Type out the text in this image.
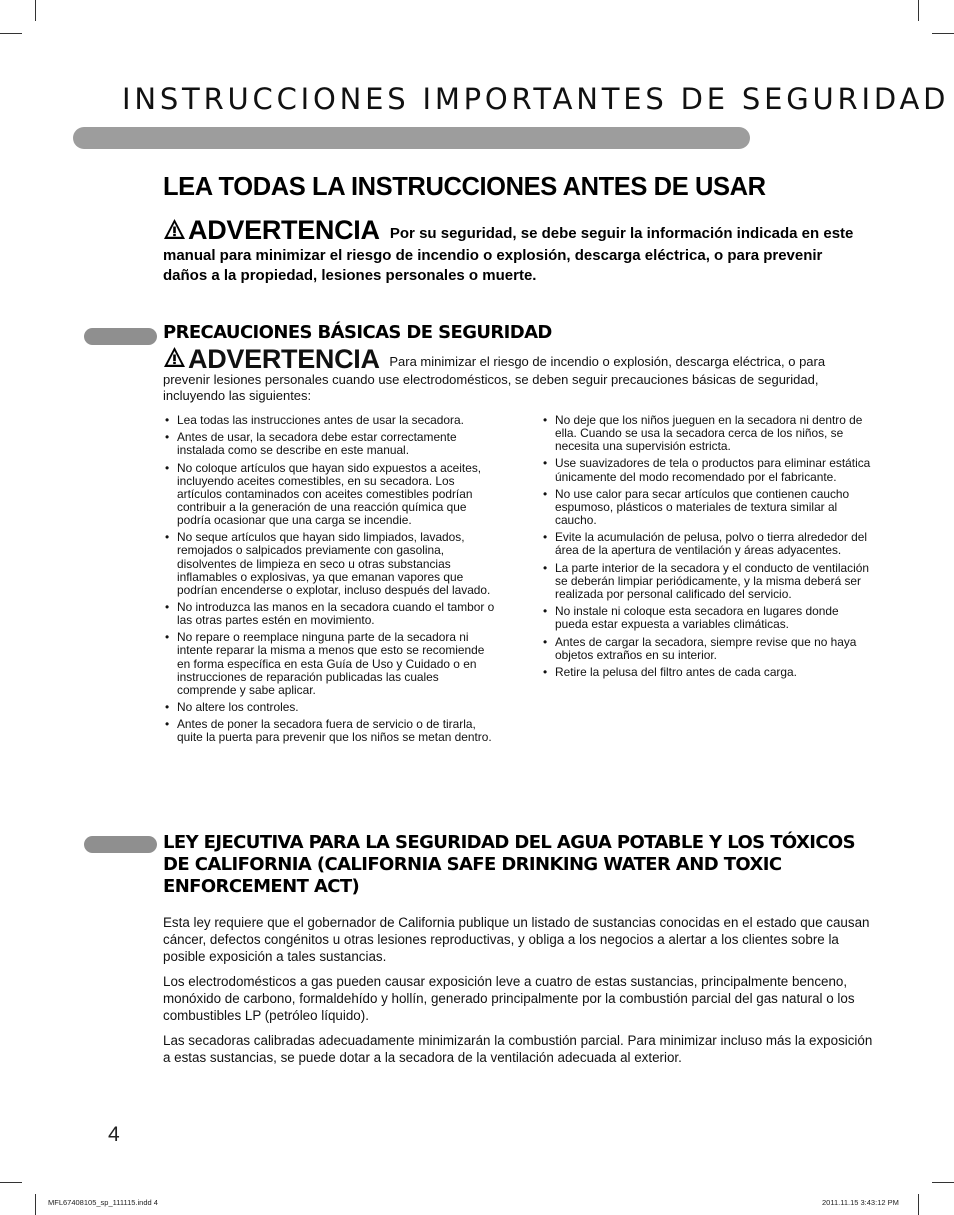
INSTRUCCIONES IMPORTANTES DE SEGURIDAD
LEA TODAS LA INSTRUCCIONES ANTES DE USAR
ADVERTENCIA Por su seguridad, se debe seguir la información indicada en este manual para minimizar el riesgo de incendio o explosión, descarga eléctrica, o para prevenir daños a la propiedad, lesiones personales o muerte.
PRECAUCIONES BÁSICAS DE SEGURIDAD
ADVERTENCIA Para minimizar el riesgo de incendio o explosión, descarga eléctrica, o para prevenir lesiones personales cuando use electrodomésticos, se deben seguir precauciones básicas de seguridad, incluyendo las siguientes:
• Lea todas las instrucciones antes de usar la secadora.
• Antes de usar, la secadora debe estar correctamente instalada como se describe en este manual.
• No coloque artículos que hayan sido expuestos a aceites, incluyendo aceites comestibles, en su secadora. Los artículos contaminados con aceites comestibles podrían contribuir a la generación de una reacción química que podría ocasionar que una carga se incendie.
• No seque artículos que hayan sido limpiados, lavados, remojados o salpicados previamente con gasolina, disolventes de limpieza en seco u otras substancias inflamables o explosivas, ya que emanan vapores que podrían encenderse o explotar, incluso después del lavado.
• No introduzca las manos en la secadora cuando el tambor o las otras partes estén en movimiento.
• No repare o reemplace ninguna parte de la secadora ni intente reparar la misma a menos que esto se recomiende en forma específica en esta Guía de Uso y Cuidado o en instrucciones de reparación publicadas las cuales comprende y sabe aplicar.
• No altere los controles.
• Antes de poner la secadora fuera de servicio o de tirarla, quite la puerta para prevenir que los niños se metan dentro.
• No deje que los niños jueguen en la secadora ni dentro de ella. Cuando se usa la secadora cerca de los niños, se necesita una supervisión estricta.
• Use suavizadores de tela o productos para eliminar estática únicamente del modo recomendado por el fabricante.
• No use calor para secar artículos que contienen caucho espumoso, plásticos o materiales de textura similar al caucho.
• Evite la acumulación de pelusa, polvo o tierra alrededor del área de la apertura de ventilación y áreas adyacentes.
• La parte interior de la secadora y el conducto de ventilación se deberán limpiar periódicamente, y la misma deberá ser realizada por personal calificado del servicio.
• No instale ni coloque esta secadora en lugares donde pueda estar expuesta a variables climáticas.
• Antes de cargar la secadora, siempre revise que no haya objetos extraños en su interior.
• Retire la pelusa del filtro antes de cada carga.
LEY EJECUTIVA PARA LA SEGURIDAD DEL AGUA POTABLE Y LOS TÓXICOS DE CALIFORNIA (CALIFORNIA SAFE DRINKING WATER AND TOXIC ENFORCEMENT ACT)

Esta ley requiere que el gobernador de California publique un listado de sustancias conocidas en el estado que causan cáncer, defectos congénitos u otras lesiones reproductivas, y obliga a los negocios a alertar a los clientes sobre la posible exposición a tales sustancias.

Los electrodomésticos a gas pueden causar exposición leve a cuatro de estas sustancias, principalmente benceno, monóxido de carbono, formaldehído y hollín, generado principalmente por la combustión parcial del gas natural o los combustibles LP (petróleo líquido).

Las secadoras calibradas adecuadamente minimizarán la combustión parcial. Para minimizar incluso más la exposición a estas sustancias, se puede dotar a la secadora de la ventilación adecuada al exterior.

4
MFL67408105_sp_111115.indd 4	2011.11.15 3:43:12 PM
